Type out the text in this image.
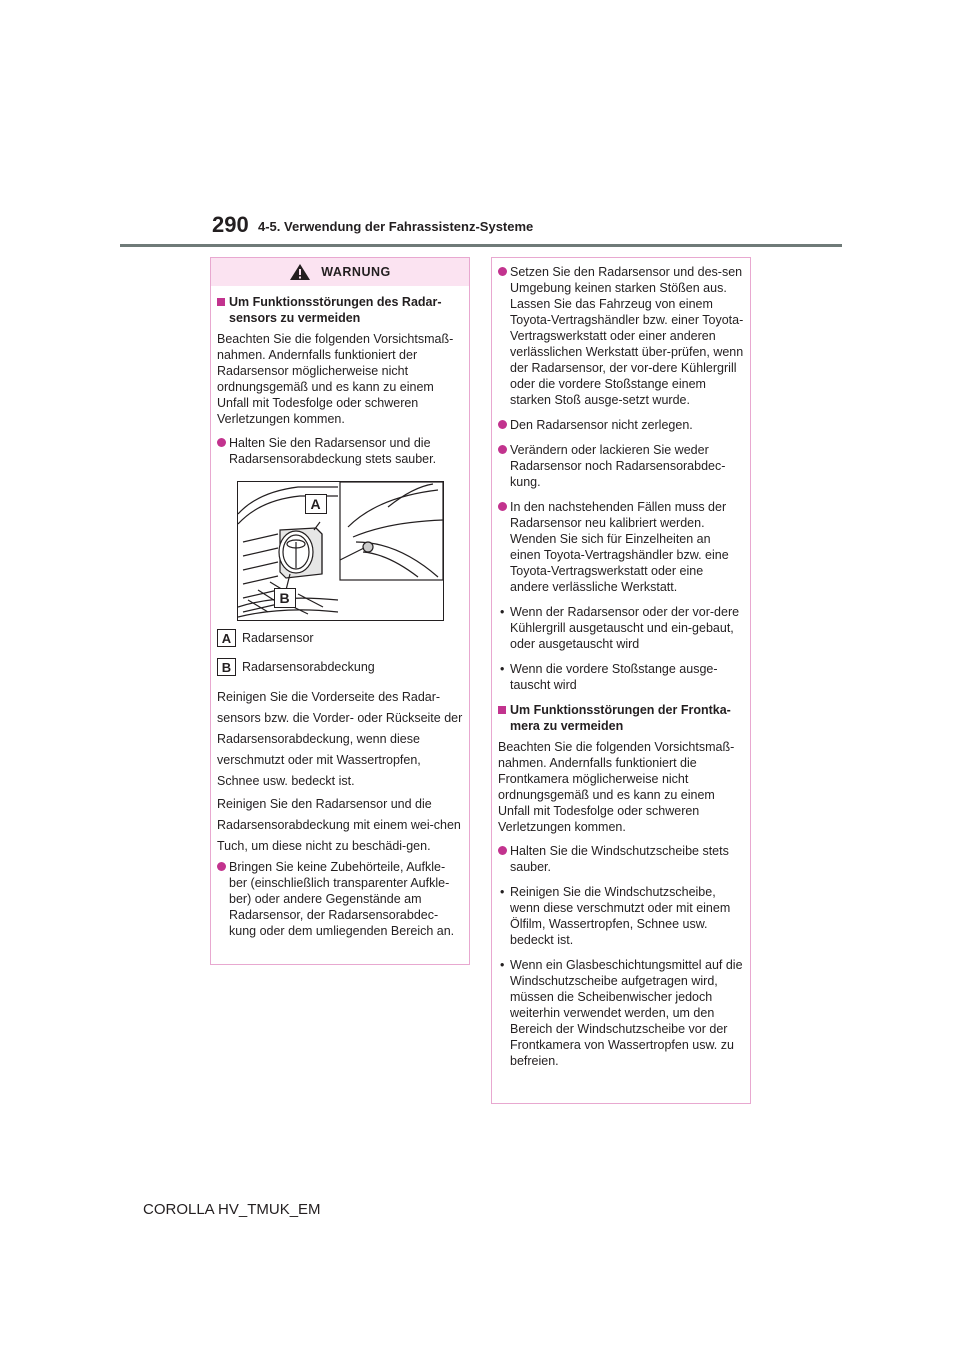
290 4-5. Verwendung der Fahrassistenz-Systeme
WARNUNG
Um Funktionsstörungen des Radar-sensors zu vermeiden
Beachten Sie die folgenden Vorsichtsmaß-nahmen. Andernfalls funktioniert der Radarsensor möglicherweise nicht ordnungsgemäß und es kann zu einem Unfall mit Todesfolge oder schweren Verletzungen kommen.
Halten Sie den Radarsensor und die Radarsensorabdeckung stets sauber.
A
B
A Radarsensor
B Radarsensorabdeckung
Reinigen Sie die Vorderseite des Radar-sensors bzw. die Vorder- oder Rückseite der Radarsensorabdeckung, wenn diese verschmutzt oder mit Wassertropfen, Schnee usw. bedeckt ist.
Reinigen Sie den Radarsensor und die Radarsensorabdeckung mit einem wei-chen Tuch, um diese nicht zu beschädi-gen.
Bringen Sie keine Zubehörteile, Aufkle-ber (einschließlich transparenter Aufkle-ber) oder andere Gegenstände am Radarsensor, der Radarsensorabdec-kung oder dem umliegenden Bereich an.
Setzen Sie den Radarsensor und des-sen Umgebung keinen starken Stößen aus. Lassen Sie das Fahrzeug von einem Toyota-Vertragshändler bzw. einer Toyota-Vertragswerkstatt oder einer anderen verlässlichen Werkstatt über-prüfen, wenn der Radarsensor, der vor-dere Kühlergrill oder die vordere Stoßstange einem starken Stoß ausge-setzt wurde.
Den Radarsensor nicht zerlegen.
Verändern oder lackieren Sie weder Radarsensor noch Radarsensorabdec-kung.
In den nachstehenden Fällen muss der Radarsensor neu kalibriert werden. Wenden Sie sich für Einzelheiten an einen Toyota-Vertragshändler bzw. eine Toyota-Vertragswerkstatt oder eine andere verlässliche Werkstatt.
• Wenn der Radarsensor oder der vor-dere Kühlergrill ausgetauscht und ein-gebaut, oder ausgetauscht wird
• Wenn die vordere Stoßstange ausge-tauscht wird
Um Funktionsstörungen der Frontka-mera zu vermeiden
Beachten Sie die folgenden Vorsichtsmaß-nahmen. Andernfalls funktioniert die Frontkamera möglicherweise nicht ordnungsgemäß und es kann zu einem Unfall mit Todesfolge oder schweren Verletzungen kommen.
Halten Sie die Windschutzscheibe stets sauber.
• Reinigen Sie die Windschutzscheibe, wenn diese verschmutzt oder mit einem Ölfilm, Wassertropfen, Schnee usw. bedeckt ist.
• Wenn ein Glasbeschichtungsmittel auf die Windschutzscheibe aufgetragen wird, müssen die Scheibenwischer jedoch weiterhin verwendet werden, um den Bereich der Windschutzscheibe vor der Frontkamera von Wassertropfen usw. zu befreien.
COROLLA HV_TMUK_EM
